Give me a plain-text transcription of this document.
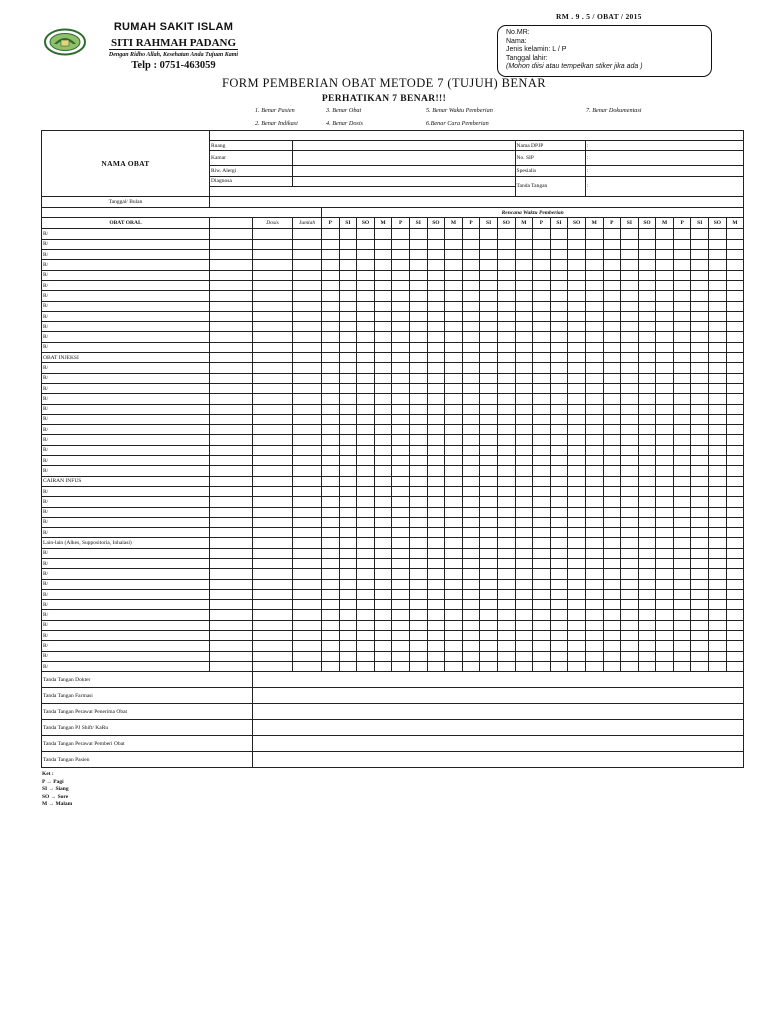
RM . 9 . 5 / OBAT / 2015
RUMAH SAKIT ISLAM
SITI RAHMAH PADANG
Dengan Ridho Allah, Kesehatan Anda Tujuan Kami
Telp : 0751-463059
No.MR:
Nama:
Jenis kelamin: L / P
Tanggal lahir:
(Mohon diisi atau tempelkan stiker jika ada )
FORM PEMBERIAN OBAT METODE 7 (TUJUH) BENAR
PERHATIKAN 7 BENAR!!!
1. Benar Pasien	3. Benar Obat	5. Benar Waktu Pemberian	7. Benar Dokumentasi
2. Benar Indikasi	4. Benar Dosis	6.Benar Cara Pemberian
NAMA OBAT																											
	Ruang														Nama DPJP				:								
	Kamar														No. SIP				:								
	Riw. Alergi														Spesialis				:								
	Diagnosa														Tanda Tangan				:								

Tanggal/ Bulan																											
				Rencana Waktu Pemberian																							
OBAT ORAL		Dosis	Jumlah	P	SI	SO	M	P	SI	SO	M	P	SI	SO	M	P	SI	SO	M	P	SI	SO	M	P	SI	SO	M
R/																											
R/																											
R/																											
R/																											
R/																											
R/																											
R/																											
R/																											
R/																											
R/																											
R/																											
R/																											
OBAT INJEKSI																											
R/																											
R/																											
R/																											
R/																											
R/																											
R/																											
R/																											
R/																											
R/																											
R/																											
R/																											
CAIRAN INFUS																											
R/																											
R/																											
R/																											
R/																											
R/																											
Lain-lain (Alkes, Suppositoria, Inhalasi)																											
R/																											
R/																											
R/																											
R/																											
R/																											
R/																											
R/																											
R/																											
R/																											
R/																											
R/																											
R/																											
Tanda Tangan Dokter																											
Tanda Tangan Farmasi																											
Tanda Tangan Perawat Penerima Obat																											
Tanda Tangan PJ Shift/ KaRu																											
Tanda Tangan Perawat Pemberi Obat																											
Tanda Tangan Pasien																											
Ket :
P → Pagi
SI → Siang
SO → Sore
M → Malam
